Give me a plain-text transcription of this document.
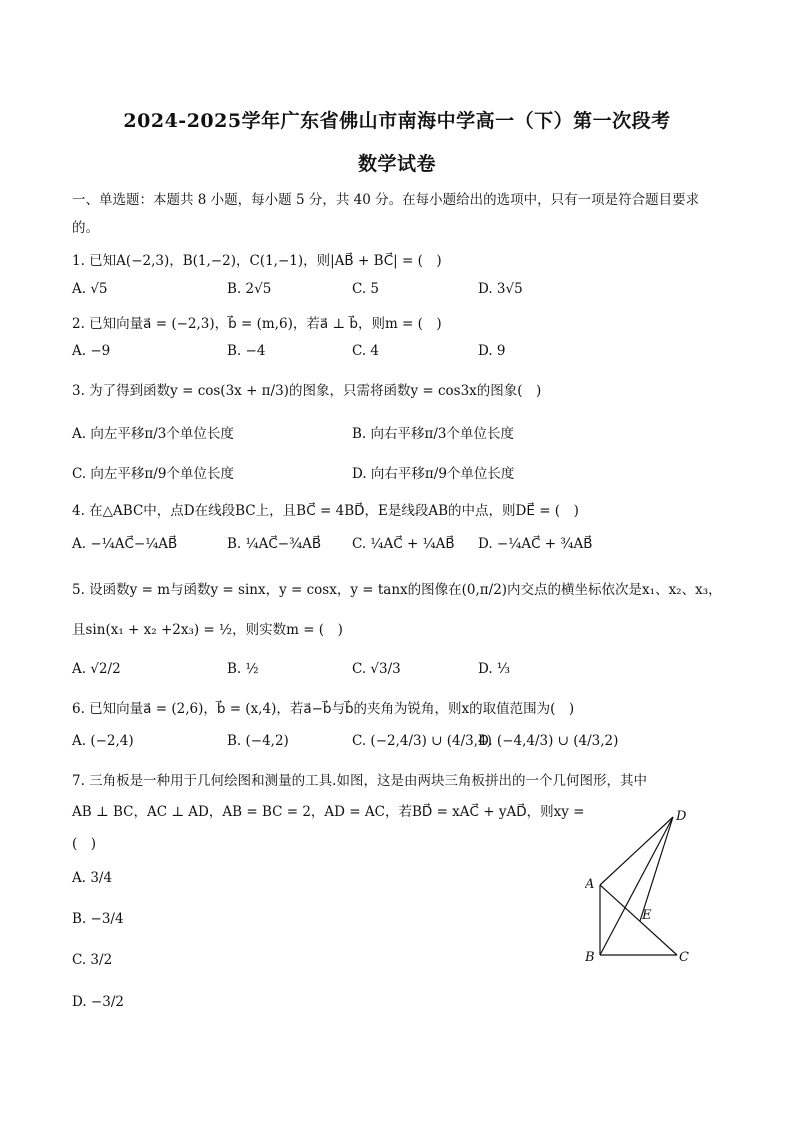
2024-2025学年广东省佛山市南海中学高一（下）第一次段考
数学试卷
一、单选题：本题共 8 小题，每小题 5 分，共 40 分。在每小题给出的选项中，只有一项是符合题目要求
的。
1. 已知A(−2,3)，B(1,−2)，C(1,−1)，则|AB⃗ + BC⃗| = (　)
A. √5	B. 2√5	C. 5	D. 3√5
2. 已知向量a⃗ = (−2,3)，b⃗ = (m,6)，若a⃗ ⊥ b⃗，则m = (　)
A. −9	B. −4	C. 4	D. 9
3. 为了得到函数y = cos(3x + π/3)的图象，只需将函数y = cos3x的图象(　)
A. 向左平移π/3个单位长度	B. 向右平移π/3个单位长度
C. 向左平移π/9个单位长度	D. 向右平移π/9个单位长度
4. 在△ABC中，点D在线段BC上，且BC⃗ = 4BD⃗，E是线段AB的中点，则DE⃗ = (　)
A. −¼AC⃗−¼AB⃗	B. ¼AC⃗−¾AB⃗ C. ¼AC⃗ + ¼AB⃗ D. −¼AC⃗ + ¾AB⃗
5. 设函数y = m与函数y = sinx，y = cosx，y = tanx的图像在(0,π/2)内交点的横坐标依次是x₁、x₂、x₃，
且sin(x₁ + x₂ +2x₃) = ½，则实数m = (　)
A. √2/2	B. ½	C. √3/3	D. ⅓
6. 已知向量a⃗ = (2,6)，b⃗ = (x,4)，若a⃗−b⃗与b⃗的夹角为锐角，则x的取值范围为(　)
A. (−2,4)	B. (−4,2)	C. (−2,4/3) ∪ (4/3,4)
D. (−4,4/3) ∪ (4/3,2)
7. 三角板是一种用于几何绘图和测量的工具.如图，这是由两块三角板拼出的一个几何图形，其中
AB ⊥ BC，AC ⊥ AD，AB = BC = 2，AD = AC，若BD⃗ = xAC⃗ + yAD⃗，则xy =
(　)
A. 3/4
B. −3/4
C. 3/2
D. −3/2
A
B	C
D
E
